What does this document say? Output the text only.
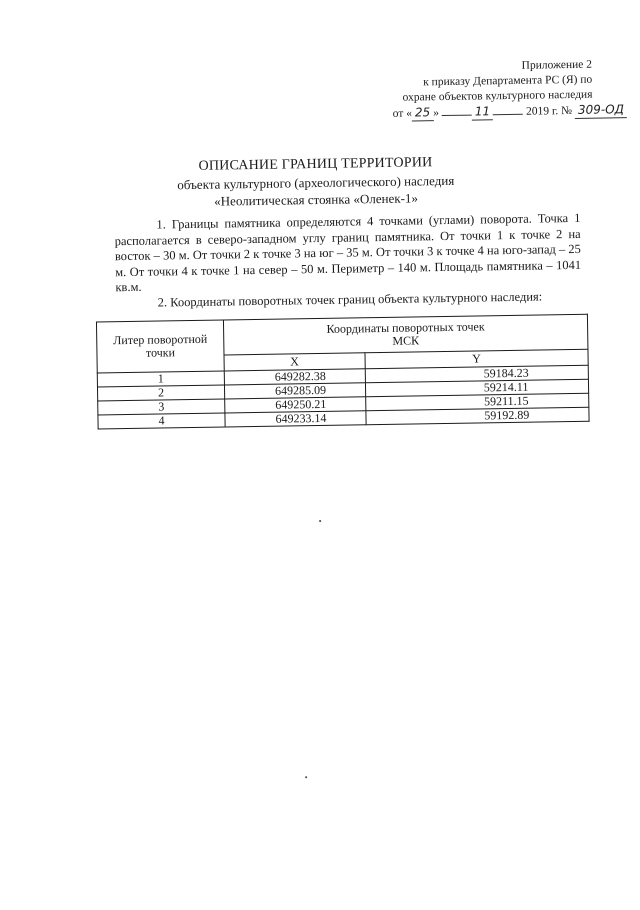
Приложение 2
к приказу Департамента РС (Я) по
охране объектов культурного наследия
от « 25 »	11	2019 г. № 309-ОД
ОПИСАНИЕ ГРАНИЦ ТЕРРИТОРИИ
объекта культурного (археологического) наследия
«Неолитическая стоянка «Оленек-1»

1. Границы памятника определяются 4 точками (углами) поворота. Точка 1 располагается в северо-западном углу границ памятника. От точки 1 к точке 2 на восток – 30 м. От точки 2 к точке 3 на юг – 35 м. От точки 3 к точке 4 на юго-запад – 25 м. От точки 4 к точке 1 на север – 50 м. Периметр – 140 м. Площадь памятника – 1041 кв.м.

2. Координаты поворотных точек границ объекта культурного наследия:

Литер поворотной точки	Координаты поворотных точек
МСК	

	X	Y
1	649282.38	59184.23
2	649285.09	59214.11
3	649250.21	59211.15
4	649233.14	59192.89
